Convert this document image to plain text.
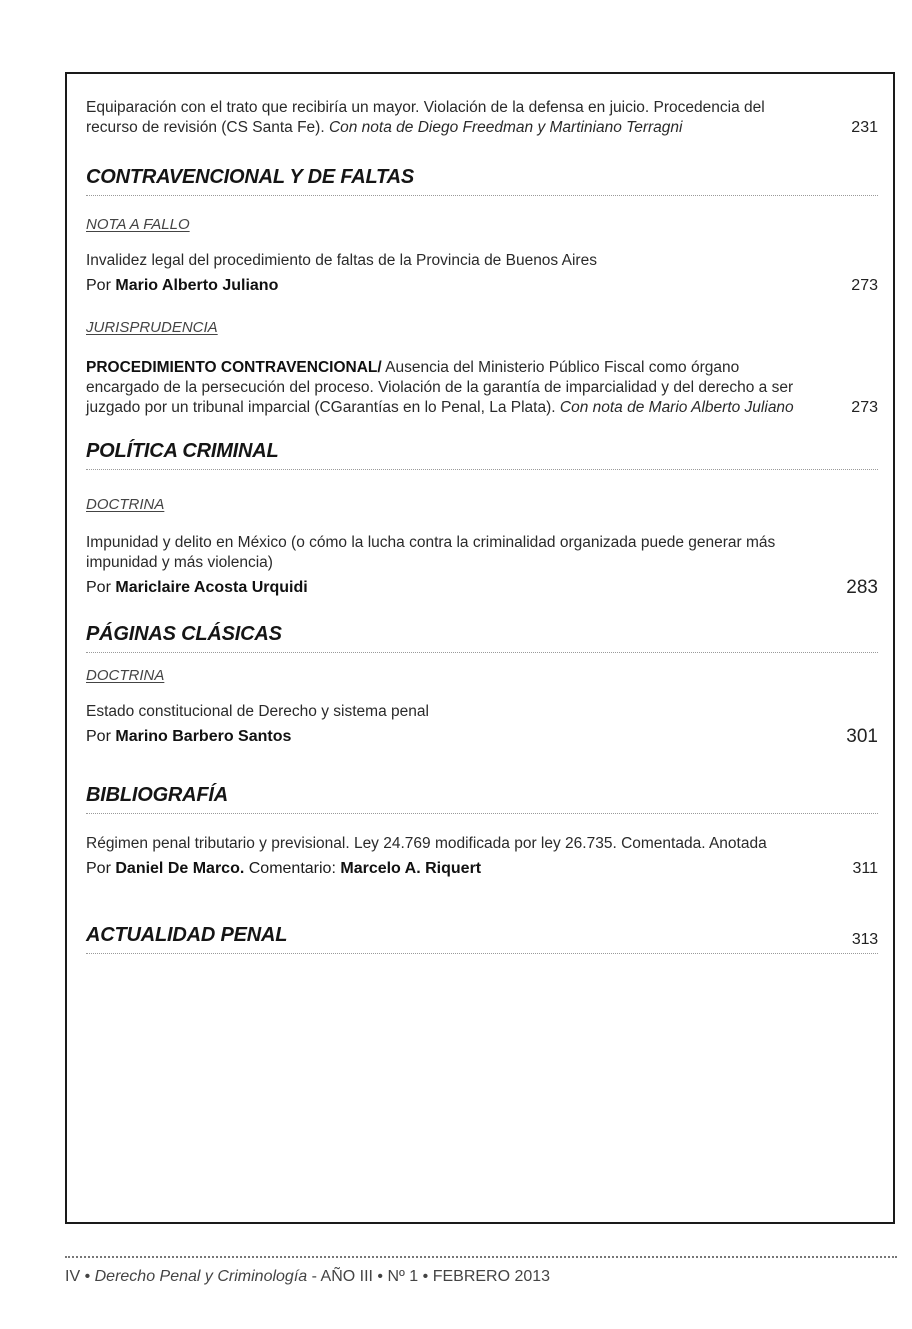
Equiparación con el trato que recibiría un mayor. Violación de la defensa en juicio. Procedencia del recurso de revisión (CS Santa Fe). Con nota de Diego Freedman y Martiniano Terragni	231
CONTRAVENCIONAL Y DE FALTAS
NOTA A FALLO
Invalidez legal del procedimiento de faltas de la Provincia de Buenos Aires
Por Mario Alberto Juliano	273
JURISPRUDENCIA
PROCEDIMIENTO CONTRAVENCIONAL/ Ausencia del Ministerio Público Fiscal como órgano encargado de la persecución del proceso. Violación de la garantía de imparcialidad y del derecho a ser juzgado por un tribunal imparcial (CGarantías en lo Penal, La Plata). Con nota de Mario Alberto Juliano	273
POLÍTICA CRIMINAL
DOCTRINA
Impunidad y delito en México (o cómo la lucha contra la criminalidad organizada puede generar más impunidad y más violencia)
Por Mariclaire Acosta Urquidi	283
PÁGINAS CLÁSICAS
DOCTRINA
Estado constitucional de Derecho y sistema penal
Por Marino Barbero Santos	301
BIBLIOGRAFÍA
Régimen penal tributario y previsional. Ley 24.769 modificada por ley 26.735. Comentada. Anotada
Por Daniel De Marco. Comentario: Marcelo A. Riquert	311
ACTUALIDAD PENAL	313
IV • Derecho Penal y Criminología - AÑO III • Nº 1 • FEBRERO 2013
